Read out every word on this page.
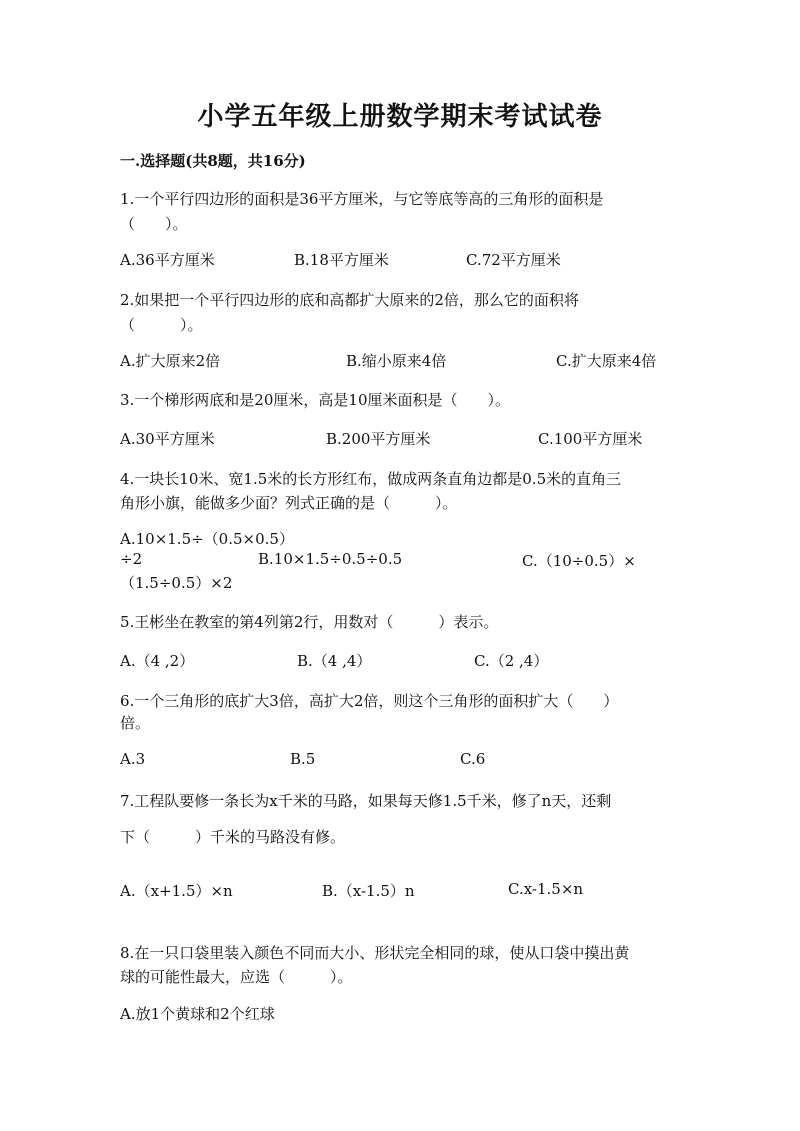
小学五年级上册数学期末考试试卷
一.选择题(共8题，共16分)
1.一个平行四边形的面积是36平方厘米，与它等底等高的三角形的面积是
（　　）。
A.36平方厘米	B.18平方厘米	C.72平方厘米
2.如果把一个平行四边形的底和高都扩大原来的2倍，那么它的面积将
（　　　）。
A.扩大原来2倍	B.缩小原来4倍	C.扩大原来4倍
3.一个梯形两底和是20厘米，高是10厘米面积是（　　）。
A.30平方厘米	B.200平方厘米	C.100平方厘米
4.一块长10米、宽1.5米的长方形红布，做成两条直角边都是0.5米的直角三
角形小旗，能做多少面？列式正确的是（　　　）。
A.10×1.5÷（0.5×0.5）
÷2	B.10×1.5÷0.5÷0.5	C.（10÷0.5）×
（1.5÷0.5）×2
5.王彬坐在教室的第4列第2行，用数对（　　　）表示。
A.（4 ,2）	B.（4 ,4）	C.（2 ,4）
6.一个三角形的底扩大3倍，高扩大2倍，则这个三角形的面积扩大（　　）
倍。
A.3	B.5	C.6
7.工程队要修一条长为x千米的马路，如果每天修1.5千米，修了n天，还剩
下（　　　）千米的马路没有修。
A.（x+1.5）×n	B.（x-1.5）n	C.x-1.5×n
8.在一只口袋里装入颜色不同而大小、形状完全相同的球，使从口袋中摸出黄
球的可能性最大，应选（　　　）。
A.放1个黄球和2个红球
